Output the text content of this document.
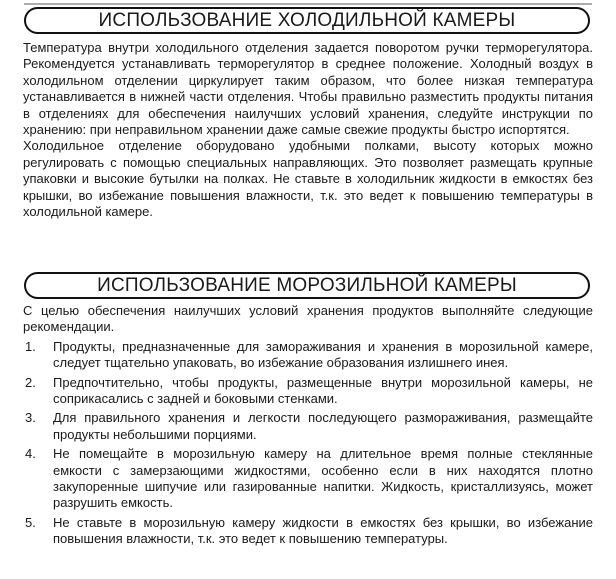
ИСПОЛЬЗОВАНИЕ ХОЛОДИЛЬНОЙ КАМЕРЫ

Температура внутри холодильного отделения задается поворотом ручки терморегулятора. Рекомендуется устанавливать терморегулятор в среднее положение. Холодный воздух в холодильном отделении циркулирует таким образом, что более низкая температура устанавливается в нижней части отделения. Чтобы правильно разместить продукты питания в отделениях для обеспечения наилучших условий хранения, следуйте инструкции по хранению: при неправильном хранении даже самые свежие продукты быстро испортятся.

Холодильное отделение оборудовано удобными полками, высоту которых можно регулировать с помощью специальных направляющих. Это позволяет размещать крупные упаковки и высокие бутылки на полках. Не ставьте в холодильник жидкости в емкостях без крышки, во избежание повышения влажности, т.к. это ведет к повышению температуры в холодильной камере.

ИСПОЛЬЗОВАНИЕ МОРОЗИЛЬНОЙ КАМЕРЫ

С целью обеспечения наилучших условий хранения продуктов выполняйте следующие рекомендации.

1. Продукты, предназначенные для замораживания и хранения в морозильной камере, следует тщательно упаковать, во избежание образования излишнего инея.
2. Предпочтительно, чтобы продукты, размещенные внутри морозильной камеры, не соприкасались с задней и боковыми стенками.
3. Для правильного хранения и легкости последующего размораживания, размещайте продукты небольшими порциями.
4. Не помещайте в морозильную камеру на длительное время полные стеклянные емкости с замерзающими жидкостями, особенно если в них находятся плотно закупоренные шипучие или газированные напитки. Жидкость, кристаллизуясь, может разрушить емкость.
5. Не ставьте в морозильную камеру жидкости в емкостях без крышки, во избежание повышения влажности, т.к. это ведет к повышению температуры.
